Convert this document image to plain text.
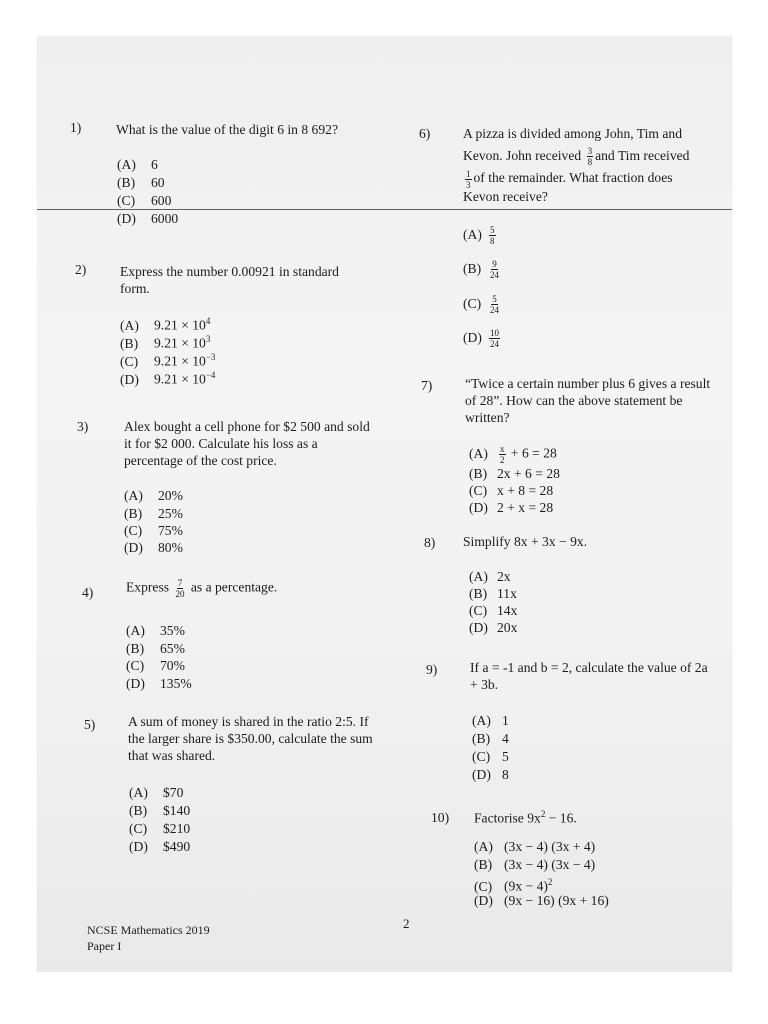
1)	What is the value of the digit 6 in 8 692?
(A) 6
(B) 60
(C) 600
(D) 6000
2) Express the number 0.00921 in standard form.
(A) $9.21 \times 10^4$
(B) $9.21 \times 10^3$
(C) $9.21 \times 10^{-3}$
(D) $9.21 \times 10^{-4}$
3)	Alex bought a cell phone for $2 500 and sold it for $2 000. Calculate his loss as a percentage of the cost price.
(A) 20%
(B) 25%
(C) 75%
(D) 80%
4) Express $\frac{7}{20}$ as a percentage.
(A) 35%
(B) 65%
(C) 70%
(D) 135%
5) A sum of money is shared in the ratio 2:5. If the larger share is $350.00, calculate the sum that was shared.
(A) $70
(B) $140
(C) $210
(D) $490
6) A pizza is divided among John, Tim and
Kevon. John received $\frac{3}{8}$ and Tim received
$\frac{1}{3}$ of the remainder. What fraction does
Kevon receive?
$(A) \frac{5}{8}$
$(B) \frac{9}{24}$
$(C) \frac{5}{24}$
$(D) \frac{10}{24}$
7) “Twice a certain number plus 6 gives a result of 28”. How can the above statement be written?
$(A) \frac{x}{2} + 6 = 28$
(B) 2x + 6 = 28
(C) x + 8 = 28
(D) 2 + x = 28
8) Simplify 8x + 3x − 9x.
(A) 2x
(B) 11x
(C) 14x
(D) 20x
9) If a = -1 and b = 2, calculate the value of 2a + 3b.
(A) 1
(B) 4
(C) 5
(D) 8
10) Factorise $9x^2 - 16$.
(A) (3x − 4) (3x + 4)
(B) (3x − 4) (3x − 4)
(C) $(9x - 4)^2$
(D) (9x − 16) (9x + 16)
2
NCSE Mathematics 2019
Paper I
